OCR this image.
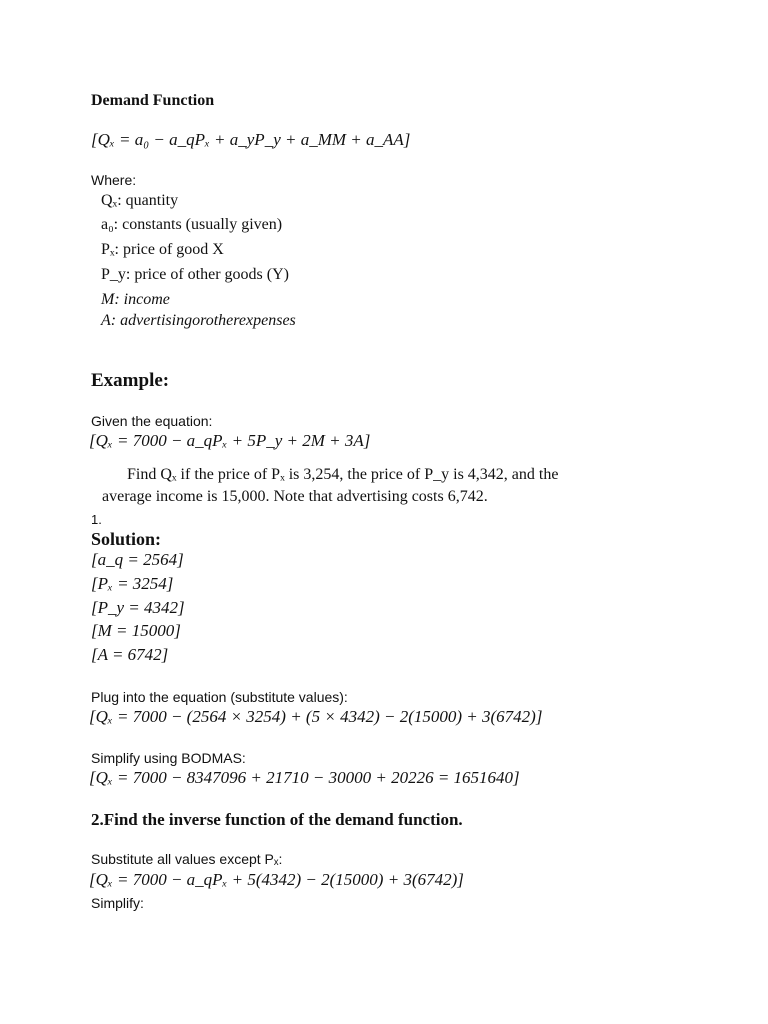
Demand Function
[Qₓ = a₀ − a_qPₓ + a_yP_y + a_MM + a_AA]
Where:
Qₓ: quantity
a₀: constants (usually given)
Pₓ: price of good X
P_y: price of other goods (Y)
M: income
A: advertisingorotherexpenses
Example:
Given the equation:
[Qₓ = 7000 − a_qPₓ + 5P_y + 2M + 3A]
Find Qₓ if the price of Pₓ is 3,254, the price of P_y is 4,342, and the
average income is 15,000. Note that advertising costs 6,742.
1.
Solution:
[a_q = 2564]
[Pₓ = 3254]
[P_y = 4342]
[M = 15000]
[A = 6742]
Plug into the equation (substitute values):
[Qₓ = 7000 − (2564 × 3254) + (5 × 4342) − 2(15000) + 3(6742)]
Simplify using BODMAS:
[Qₓ = 7000 − 8347096 + 21710 − 30000 + 20226 = 1651640]
2.Find the inverse function of the demand function.
Substitute all values except Pₓ:
[Qₓ = 7000 − a_qPₓ + 5(4342) − 2(15000) + 3(6742)]
Simplify:
